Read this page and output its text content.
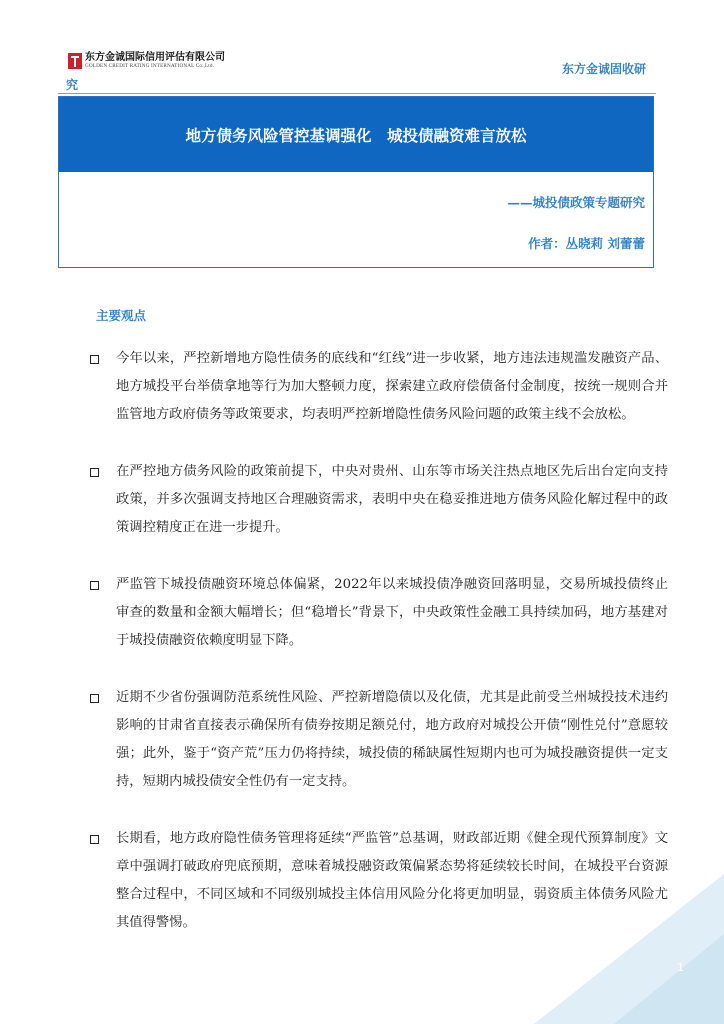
东方金诚国际信用评估有限公司
GOLDEN CREDIT RATING INTERNATIONAL Co.,Ltd.	东方金诚固收研
究
地方债务风险管控基调强化　城投债融资难言放松
——城投债政策专题研究
作者：丛晓莉 刘蕾蕾
主要观点
今年以来，严控新增地方隐性债务的底线和“红线”进一步收紧，地方违法违规滥发融资产品、地方城投平台举债拿地等行为加大整顿力度，探索建立政府偿债备付金制度，按统一规则合并监管地方政府债务等政策要求，均表明严控新增隐性债务风险问题的政策主线不会放松。
在严控地方债务风险的政策前提下，中央对贵州、山东等市场关注热点地区先后出台定向支持政策，并多次强调支持地区合理融资需求，表明中央在稳妥推进地方债务风险化解过程中的政策调控精度正在进一步提升。
严监管下城投债融资环境总体偏紧，2022年以来城投债净融资回落明显，交易所城投债终止审查的数量和金额大幅增长；但“稳增长”背景下，中央政策性金融工具持续加码，地方基建对于城投债融资依赖度明显下降。
近期不少省份强调防范系统性风险、严控新增隐债以及化债，尤其是此前受兰州城投技术违约影响的甘肃省直接表示确保所有债券按期足额兑付，地方政府对城投公开债“刚性兑付”意愿较强；此外，鉴于“资产荒”压力仍将持续，城投债的稀缺属性短期内也可为城投融资提供一定支持，短期内城投债安全性仍有一定支持。
长期看，地方政府隐性债务管理将延续“严监管”总基调，财政部近期《健全现代预算制度》文章中强调打破政府兜底预期，意味着城投融资政策偏紧态势将延续较长时间，在城投平台资源整合过程中，不同区域和不同级别城投主体信用风险分化将更加明显，弱资质主体债务风险尤其值得警惕。
1
